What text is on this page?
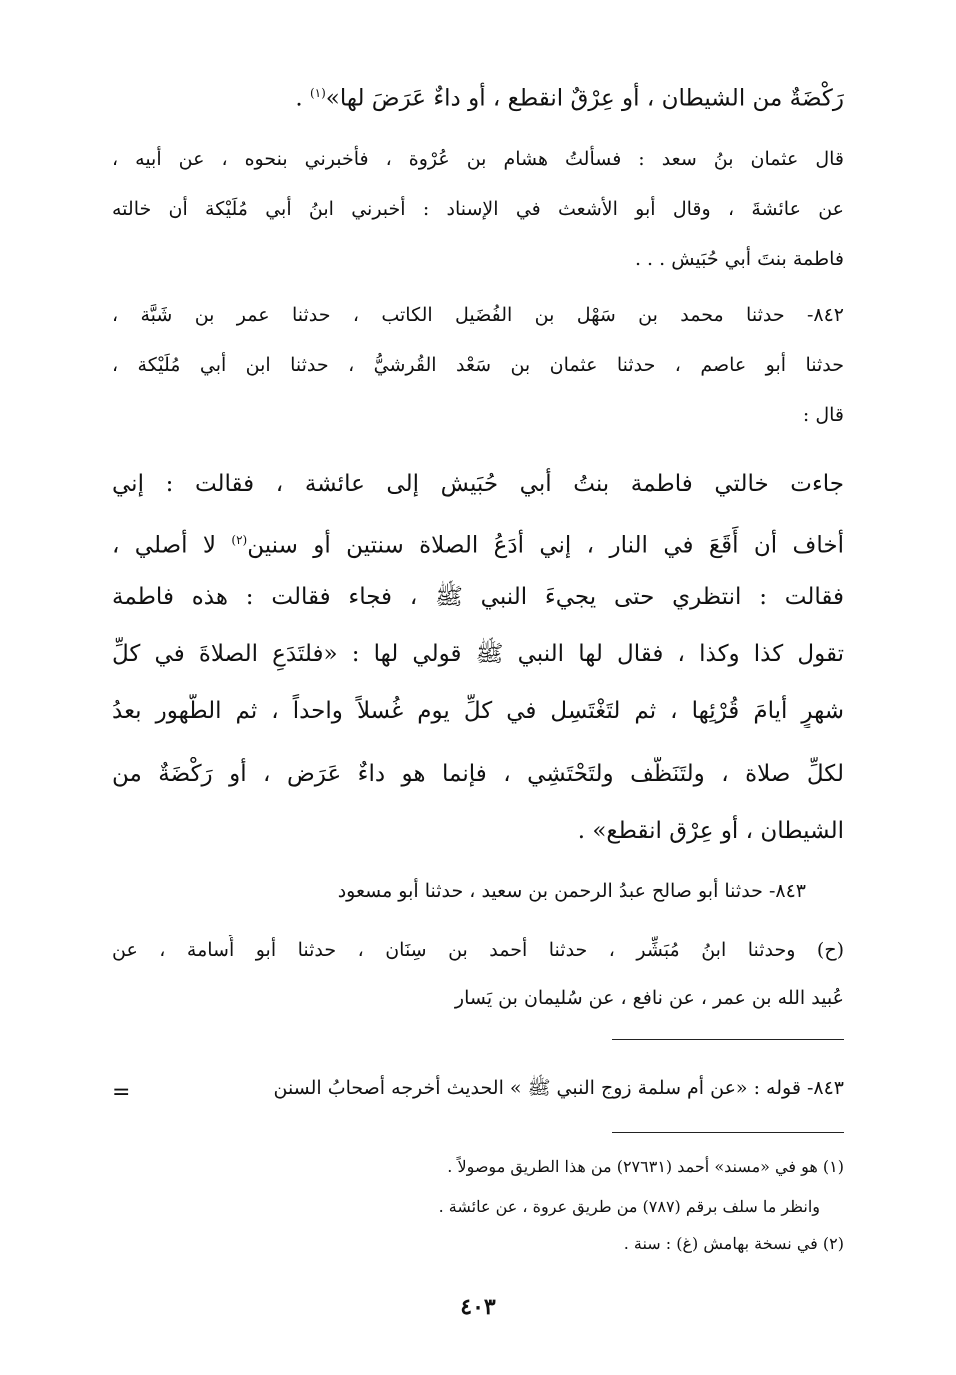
رَكْضَةٌ من الشيطان ، أو عِرْقٌ انقطع ، أو داءٌ عَرَضَ لها»$^{(١)}$ .
قال عثمان بنُ سعد : فسألتُ هشام بن عُرْوة ، فأخبرني بنحوه ، عن أبيه ،
عن عائشةَ ، وقال أبو الأشعث في الإسناد : أخبرني ابنُ أبي مُلَيْكة أن خالته
فاطمة بنتَ أبي حُبَيش . . .
٨٤٢- حدثنا محمد بن سَهْل بن الفُضَيل الكاتب ، حدثنا عمر بن شَبَّة ،
حدثنا أبو عاصم ، حدثنا عثمان بن سَعْد القُرشيُّ ، حدثنا ابن أبي مُلَيْكة ،
قال :
جاءت خالتي فاطمة بنتُ أبي حُبَيش إلى عائشة ، فقالت : إني
أخاف أن أَقَعَ في النار ، إني أدَعُ الصلاة سنتين أو سنين$^{(٢)}$ لا أصلي ،
فقالت : انتظري حتى يجيءَ النبي ﷺ ، فجاء فقالت : هذه فاطمة
تقول كذا وكذا ، فقال لها النبي ﷺ قولي لها : «فلتَدَعِ الصلاةَ في كلِّ
شهرٍ أيامَ قُرْئِها ، ثم لتَغْتَسِل في كلِّ يوم غُسلاً واحداً ، ثم الطُّهور بعدُ
لكلِّ صلاة ، ولتَنَظَّف ولتَحْتَشِي ، فإنما هو داءٌ عَرَض ، أو رَكْضَةٌ من
الشيطان ، أو عِرْق انقطع» .
٨٤٣- حدثنا أبو صالح عبدُ الرحمن بن سعيد ، حدثنا أبو مسعود
(ح) وحدثنا ابنُ مُبَشِّر ، حدثنا أحمد بن سِنَان ، حدثنا أبو أُسامة ، عن
عُبيد الله بن عمر ، عن نافع ، عن سُليمان بن يَسار
٨٤٣- قوله : «عن أم سلمة زوج النبي ﷺ » الحديث أخرجه أصحابُ السنن
=
(١) هو في «مسند» أحمد (٢٧٦٣١) من هذا الطريق موصولاً .
وانظر ما سلف برقم (٧٨٧) من طريق عروة ، عن عائشة .
(٢) في نسخة بهامش (غ) : سنة .
٤٠٣
